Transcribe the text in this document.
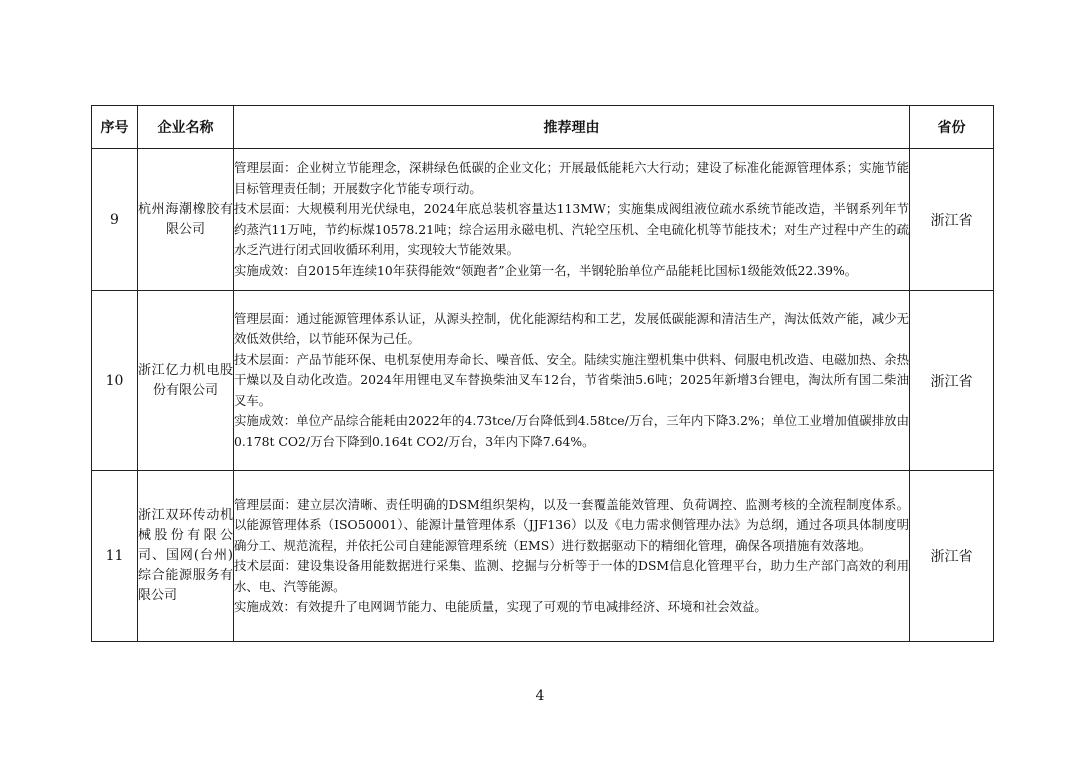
序号	企业名称	推荐理由	省份
9	杭州海潮橡胶有限公司	管理层面：企业树立节能理念，深耕绿色低碳的企业文化；开展最低能耗六大行动；建设了标准化能源管理体系；实施节能目标管理责任制；开展数字化节能专项行动。
技术层面：大规模利用光伏绿电，2024年底总装机容量达113MW；实施集成阀组液位疏水系统节能改造，半钢系列年节约蒸汽11万吨，节约标煤10578.21吨；综合运用永磁电机、汽轮空压机、全电硫化机等节能技术；对生产过程中产生的疏水乏汽进行闭式回收循环利用，实现较大节能效果。
实施成效：自2015年连续10年获得能效“领跑者”企业第一名，半钢轮胎单位产品能耗比国标1级能效低22.39%。	浙江省
10	浙江亿力机电股份有限公司	管理层面：通过能源管理体系认证，从源头控制，优化能源结构和工艺，发展低碳能源和清洁生产，淘汰低效产能，减少无效低效供给，以节能环保为己任。
技术层面：产品节能环保、电机泵使用寿命长、噪音低、安全。陆续实施注塑机集中供料、伺服电机改造、电磁加热、余热干燥以及自动化改造。2024年用锂电叉车替换柴油叉车12台，节省柴油5.6吨；2025年新增3台锂电，淘汰所有国二柴油叉车。
实施成效：单位产品综合能耗由2022年的4.73tce/万台降低到4.58tce/万台，三年内下降3.2%；单位工业增加值碳排放由0.178t CO2/万台下降到0.164t CO2/万台，3年内下降7.64%。	浙江省
11	浙江双环传动机械股份有限公司、国网(台州)综合能源服务有限公司	管理层面：建立层次清晰、责任明确的DSM组织架构，以及一套覆盖能效管理、负荷调控、监测考核的全流程制度体系。以能源管理体系（ISO50001）、能源计量管理体系（JJF136）以及《电力需求侧管理办法》为总纲，通过各项具体制度明确分工、规范流程，并依托公司自建能源管理系统（EMS）进行数据驱动下的精细化管理，确保各项措施有效落地。
技术层面：建设集设备用能数据进行采集、监测、挖掘与分析等于一体的DSM信息化管理平台，助力生产部门高效的利用水、电、汽等能源。
实施成效：有效提升了电网调节能力、电能质量，实现了可观的节电减排经济、环境和社会效益。	浙江省
4
